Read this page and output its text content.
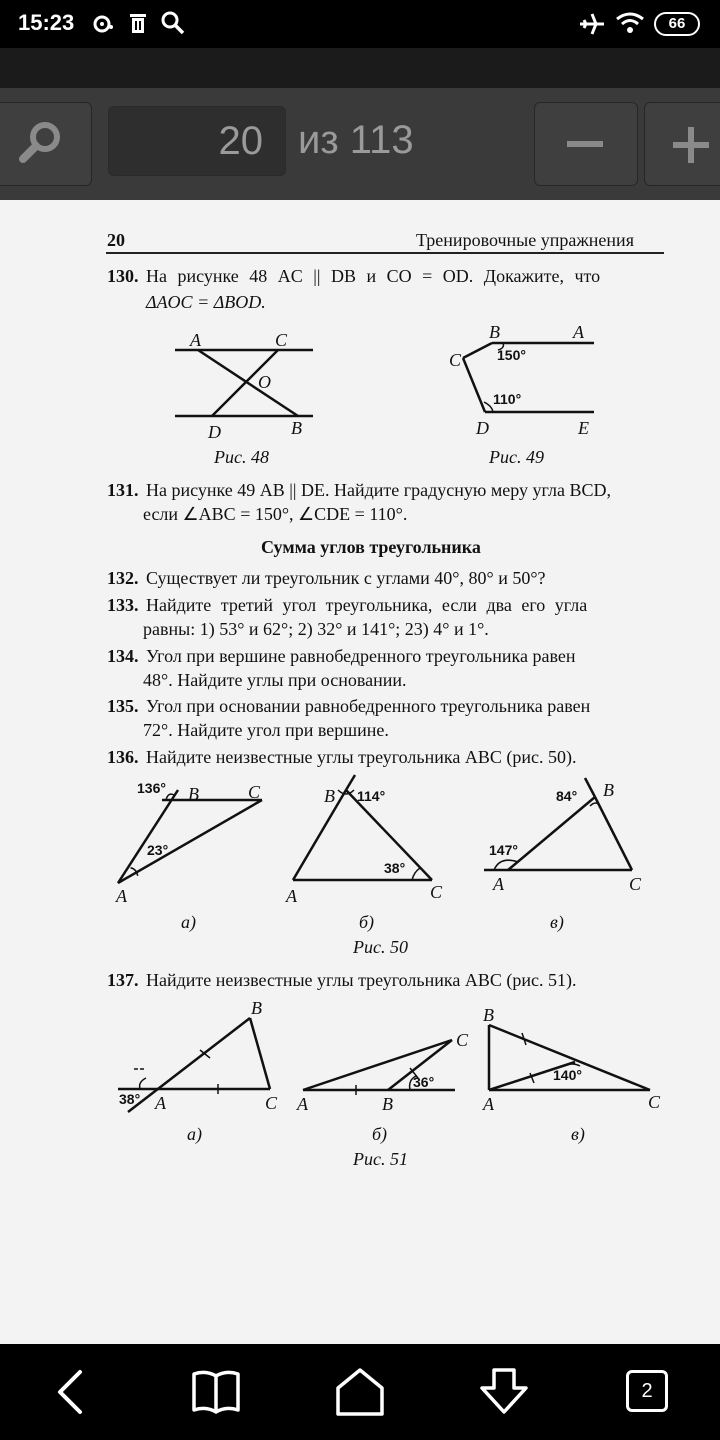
15:23	66
20 из 113
20	Тренировочные упражнения
130. На рисунке 48 AC || DB и CO = OD. Докажите, что
ΔAOC = ΔBOD.
A	C
O
D	B
Рис. 48
B	A
C
D	E
150°
110°
Рис. 49
131. На рисунке 49 AB || DE. Найдите градусную меру угла BCD,
если ∠ABC = 150°, ∠CDE = 110°.
Сумма углов треугольника
132. Существует ли треугольник с углами 40°, 80° и 50°?
133. Найдите третий угол треугольника, если два его угла
равны: 1) 53° и 62°; 2) 32° и 141°; 23) 4° и 1°.
134. Угол при вершине равнобедренного треугольника равен
48°. Найдите углы при основании.
135. Угол при основании равнобедренного треугольника равен
72°. Найдите угол при вершине.
136. Найдите неизвестные углы треугольника ABC (рис. 50).
136° B	C
23°
A
а)
B 114°
38°
A	C
б)
84° B
147°
A	C
в)
Рис. 50
137. Найдите неизвестные углы треугольника ABC (рис. 51).
B
38° A	C
а)
C
36°
A	B
б)
B
140°
A	C
в)
Рис. 51
2
